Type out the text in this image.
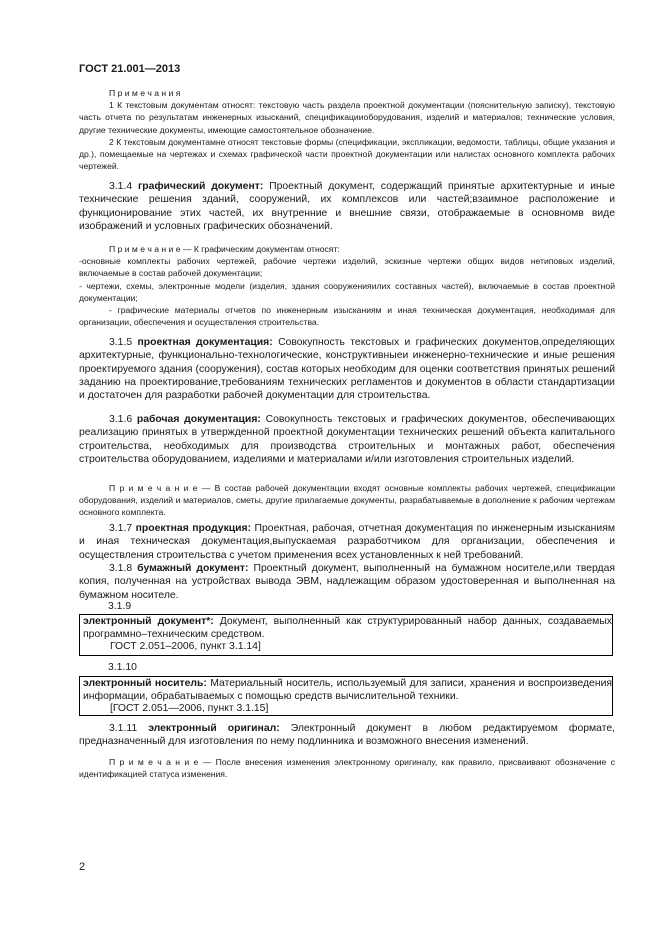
ГОСТ 21.001—2013

П р и м е ч а н и я

1 К текстовым документам относят: текстовую часть раздела проектной документации (пояснительную записку), текстовую часть отчета по результатам инженерных изысканий, спецификацииоборудования, изделий и материалов; технические условия, другие технические документы, имеющие самостоятельное обозначение.

2 К текстовым документамне относят текстовые формы (спецификации, экспликации, ведомости, таблицы, общие указания и др.), помещаемые на чертежах и схемах графической части проектной документации или налистах основного комплекта рабочих чертежей.

3.1.4 графический документ: Проектный документ, содержащий принятые архитектурные и иные технические решения зданий, сооружений, их комплексов или частей;взаимное расположение и функционирование этих частей, их внутренние и внешние связи, отображаемые в основномв виде изображений и условных графических обозначений.

П р и м е ч а н и е — К графическим документам относят:

-основные комплекты рабочих чертежей, рабочие чертежи изделий, эскизные чертежи общих видов нетиповых изделий, включаемые в состав рабочей документации;

- чертежи, схемы, электронные модели (изделия, здания сооруженияилих составных частей), включаемые в состав проектной документации;

- графические материалы отчетов по инженерным изысканиям и иная техническая документация, необходимая для организации, обеспечения и осуществления строительства.

3.1.5 проектная документация: Совокупность текстовых и графических документов,определяющих архитектурные, функционально-технологические, конструктивныеи инженерно-технические и иные решения проектируемого здания (сооружения), состав которых необходим для оценки соответствия принятых решений заданию на проектирование,требованиям технических регламентов и документов в области стандартизации и достаточен для разработки рабочей документации для строительства.

3.1.6 рабочая документация: Совокупность текстовых и графических документов, обеспечивающих реализацию принятых в утвержденной проектной документации технических решений объекта капитального строительства, необходимых для производства строительных и монтажных работ, обеспечения строительства оборудованием, изделиями и материалами и/или изготовления строительных изделий.

П р и м е ч а н и е — В состав рабочей документации входят основные комплекты рабочих чертежей, спецификации оборудования, изделий и материалов, сметы, другие прилагаемые документы, разрабатываемые в дополнение к рабочим чертежам основного комплекта.

3.1.7 проектная продукция: Проектная, рабочая, отчетная документация по инженерным изысканиям и иная техническая документация,выпускаемая разработчиком для организации, обеспечения и осуществления строительства с учетом применения всех установленных к ней требований.

3.1.8 бумажный документ: Проектный документ, выполненный на бумажном носителе,или твердая копия, полученная на устройствах вывода ЭВМ, надлежащим образом удостоверенная и выполненная на бумажном носителе.

3.1.9

электронный документ*: Документ, выполненный как структурированный набор данных, создаваемых программно–техническим средством.

ГОСТ 2.051–2006, пункт 3.1.14]

3.1.10

электронный носитель: Материальный носитель, используемый для записи, хранения и воспроизведения информации, обрабатываемых с помощью средств вычислительной техники.

[ГОСТ 2.051—2006, пункт 3.1.15]

3.1.11 электронный оригинал: Электронный документ в любом редактируемом формате, предназначенный для изготовления по нему подлинника и возможного внесения изменений.

П р и м е ч а н и е — После внесения изменения электронному оригиналу, как правило, присваивают обозначение с идентификацией статуса изменения.

2
